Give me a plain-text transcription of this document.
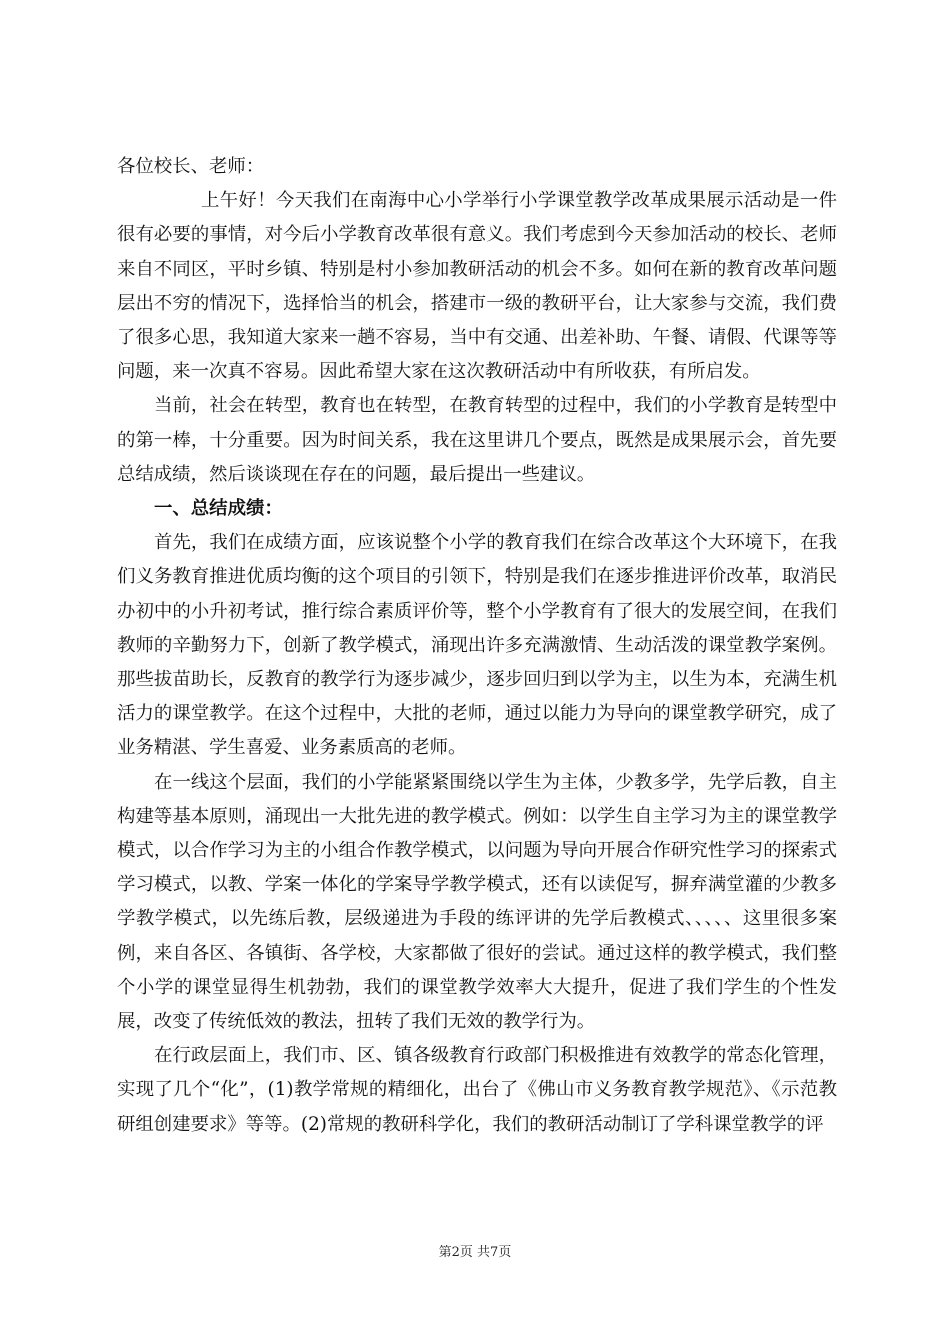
各位校长、老师：

上午好！今天我们在南海中心小学举行小学课堂教学改革成果展示活动是一件很有必要的事情，对今后小学教育改革很有意义。我们考虑到今天参加活动的校长、老师来自不同区，平时乡镇、特别是村小参加教研活动的机会不多。如何在新的教育改革问题层出不穷的情况下，选择恰当的机会，搭建市一级的教研平台，让大家参与交流，我们费了很多心思，我知道大家来一趟不容易，当中有交通、出差补助、午餐、请假、代课等等问题，来一次真不容易。因此希望大家在这次教研活动中有所收获，有所启发。

当前，社会在转型，教育也在转型，在教育转型的过程中，我们的小学教育是转型中的第一棒，十分重要。因为时间关系，我在这里讲几个要点，既然是成果展示会，首先要总结成绩，然后谈谈现在存在的问题，最后提出一些建议。

一、总结成绩：

首先，我们在成绩方面，应该说整个小学的教育我们在综合改革这个大环境下，在我们义务教育推进优质均衡的这个项目的引领下，特别是我们在逐步推进评价改革，取消民办初中的小升初考试，推行综合素质评价等，整个小学教育有了很大的发展空间，在我们教师的辛勤努力下，创新了教学模式，涌现出许多充满激情、生动活泼的课堂教学案例。那些拔苗助长，反教育的教学行为逐步减少，逐步回归到以学为主，以生为本，充满生机活力的课堂教学。在这个过程中，大批的老师，通过以能力为导向的课堂教学研究，成了业务精湛、学生喜爱、业务素质高的老师。

在一线这个层面，我们的小学能紧紧围绕以学生为主体，少教多学，先学后教，自主构建等基本原则，涌现出一大批先进的教学模式。例如：以学生自主学习为主的课堂教学模式，以合作学习为主的小组合作教学模式，以问题为导向开展合作研究性学习的探索式学习模式，以教、学案一体化的学案导学教学模式，还有以读促写，摒弃满堂灌的少教多学教学模式，以先练后教，层级递进为手段的练评讲的先学后教模式、、、、、这里很多案例，来自各区、各镇街、各学校，大家都做了很好的尝试。通过这样的教学模式，我们整个小学的课堂显得生机勃勃，我们的课堂教学效率大大提升，促进了我们学生的个性发展，改变了传统低效的教法，扭转了我们无效的教学行为。

在行政层面上，我们市、区、镇各级教育行政部门积极推进有效教学的常态化管理，实现了几个“化”，(1)教学常规的精细化，出台了《佛山市义务教育教学规范》、《示范教研组创建要求》等等。(2)常规的教研科学化，我们的教研活动制订了学科课堂教学的评

第2页 共7页
